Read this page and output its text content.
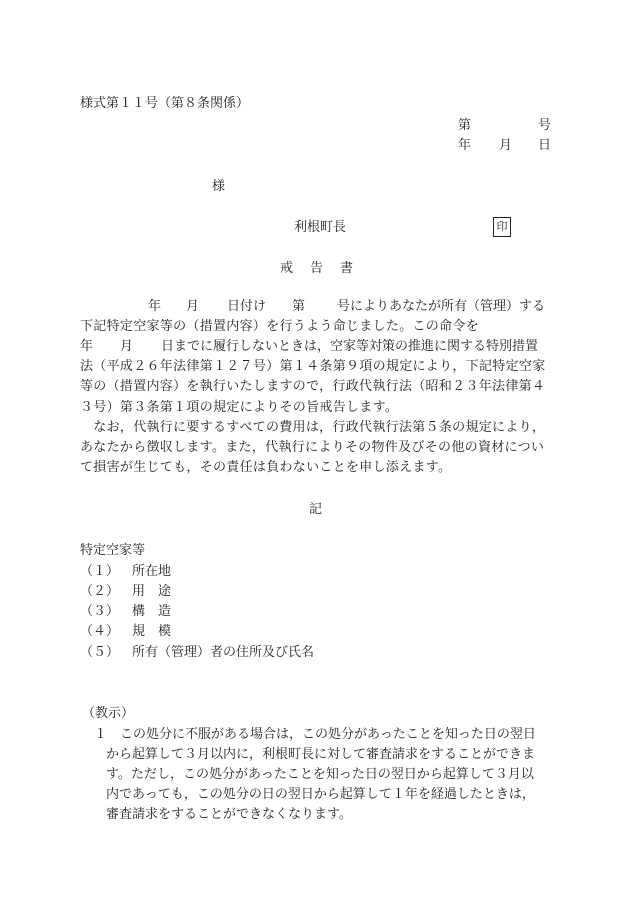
様式第１１号（第８条関係）
第	号
年 月 日
様
利根町長	印
戒　告　書
年 月 日付け 第 号によりあなたが所有（管理）する
下記特定空家等の（措置内容）を行うよう命じました。この命令を
年 月 日までに履行しないときは，空家等対策の推進に関する特別措置
法（平成２６年法律第１２７号）第１４条第９項の規定により，下記特定空家
等の（措置内容）を執行いたしますので，行政代執行法（昭和２３年法律第４
３号）第３条第１項の規定によりその旨戒告します。
　なお，代執行に要するすべての費用は，行政代執行法第５条の規定により，
あなたから徴収します。また，代執行によりその物件及びその他の資材につい
て損害が生じても，その責任は負わないことを申し添えます。
記
特定空家等
（１） 所在地
（２） 用　途
（３） 構　造
（４） 規　模
（５） 所有（管理）者の住所及び氏名
（教示）
１　この処分に不服がある場合は，この処分があったことを知った日の翌日
から起算して３月以内に，利根町長に対して審査請求をすることができま
す。ただし，この処分があったことを知った日の翌日から起算して３月以
内であっても，この処分の日の翌日から起算して１年を経過したときは，
審査請求をすることができなくなります。
